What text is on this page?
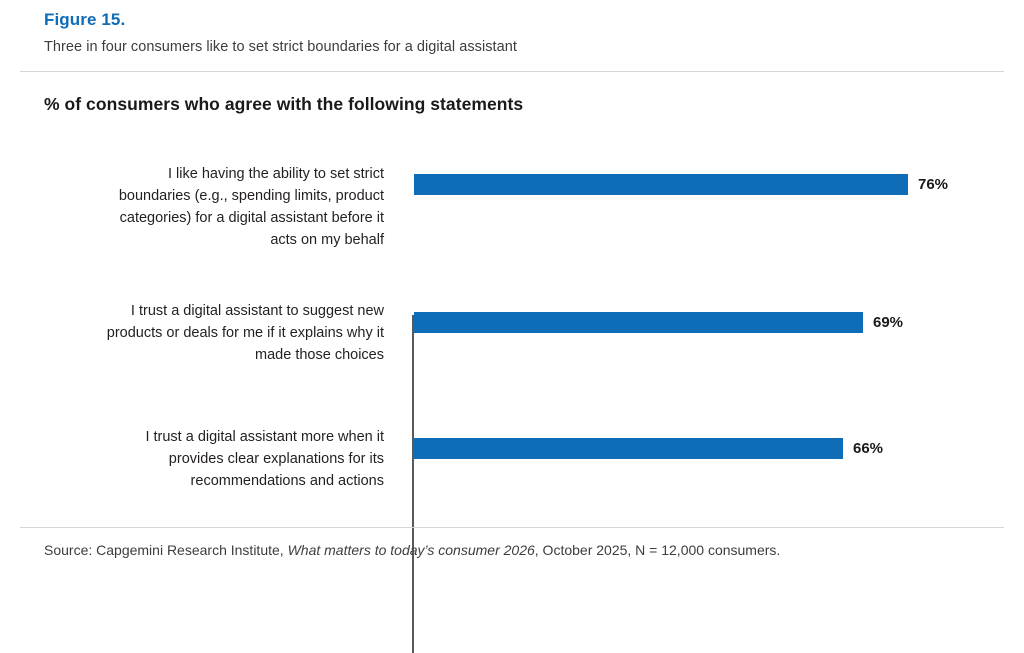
Figure 15.
Three in four consumers like to set strict boundaries for a digital assistant
% of consumers who agree with the following statements
I like having the ability to set strict
boundaries (e.g., spending limits, product
categories) for a digital assistant before it
acts on my behalf
76%
I trust a digital assistant to suggest new
products or deals for me if it explains why it
made those choices
69%
I trust a digital assistant more when it
provides clear explanations for its
recommendations and actions
66%
Source: Capgemini Research Institute, What matters to today’s consumer 2026, October 2025, N = 12,000 consumers.
